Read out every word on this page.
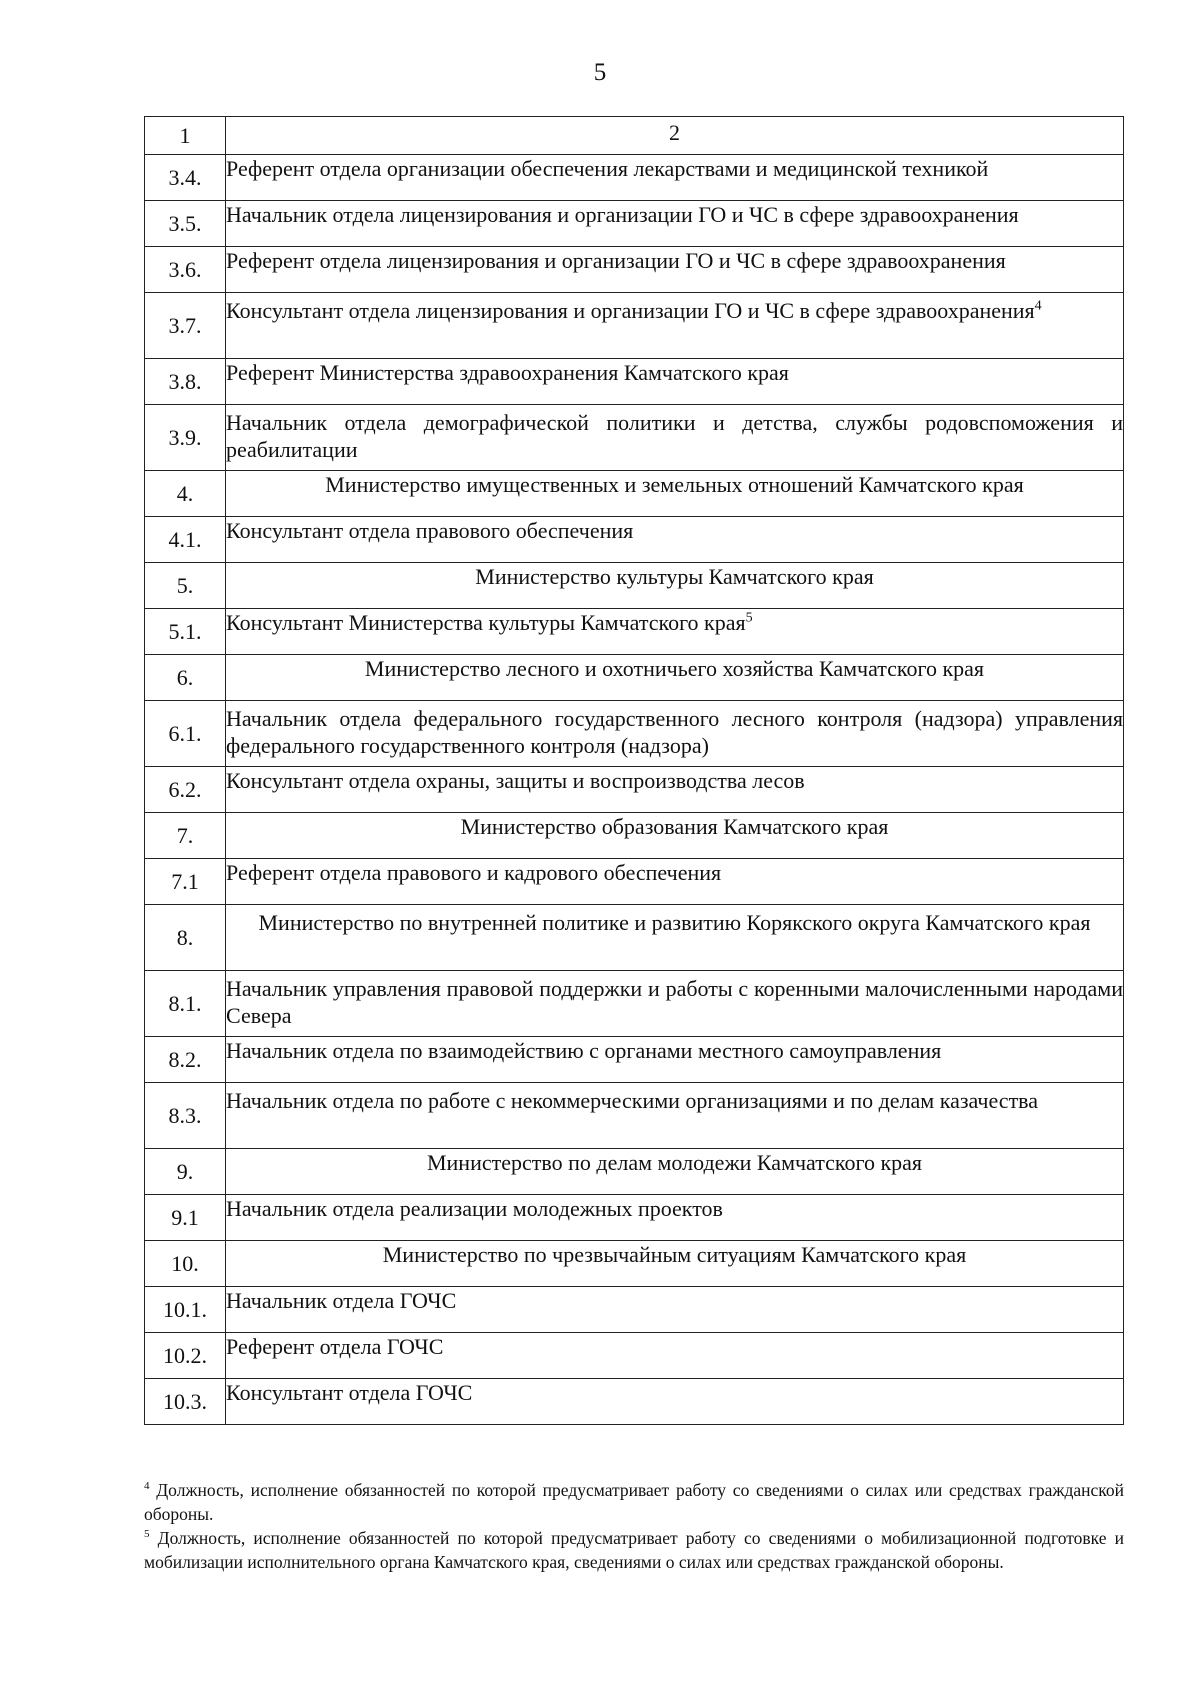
5
1	2
3.4.	Референт отдела организации обеспечения лекарствами и медицинской техникой
3.5.	Начальник отдела лицензирования и организации ГО и ЧС в сфере здравоохранения
3.6.	Референт отдела лицензирования и организации ГО и ЧС в сфере здравоохранения
3.7.	Консультант отдела лицензирования и организации ГО и ЧС в сфере здравоохранения$^4$
3.8.	Референт Министерства здравоохранения Камчатского края
3.9.	Начальник отдела демографической политики и детства, службы родовспоможения и реабилитации
4.	Министерство имущественных и земельных отношений Камчатского края
4.1.	Консультант отдела правового обеспечения
5.	Министерство культуры Камчатского края
5.1.	Консультант Министерства культуры Камчатского края$^5$
6.	Министерство лесного и охотничьего хозяйства Камчатского края
6.1.	Начальник отдела федерального государственного лесного контроля (надзора) управления федерального государственного контроля (надзора)
6.2.	Консультант отдела охраны, защиты и воспроизводства лесов
7.	Министерство образования Камчатского края
7.1	Референт отдела правового и кадрового обеспечения
8.	Министерство по внутренней политике и развитию Корякского округа Камчатского края
8.1.	Начальник управления правовой поддержки и работы с коренными малочисленными народами Севера
8.2.	Начальник отдела по взаимодействию с органами местного самоуправления
8.3.	Начальник отдела по работе с некоммерческими организациями и по делам казачества
9.	Министерство по делам молодежи Камчатского края
9.1	Начальник отдела реализации молодежных проектов
10.	Министерство по чрезвычайным ситуациям Камчатского края
10.1.	Начальник отдела ГОЧС
10.2.	Референт отдела ГОЧС
10.3.	Консультант отдела ГОЧС

$^4$ Должность, исполнение обязанностей по которой предусматривает работу со сведениями о силах или средствах гражданской обороны.

$^5$ Должность, исполнение обязанностей по которой предусматривает работу со сведениями о мобилизационной подготовке и мобилизации исполнительного органа Камчатского края, сведениями о силах или средствах гражданской обороны.
